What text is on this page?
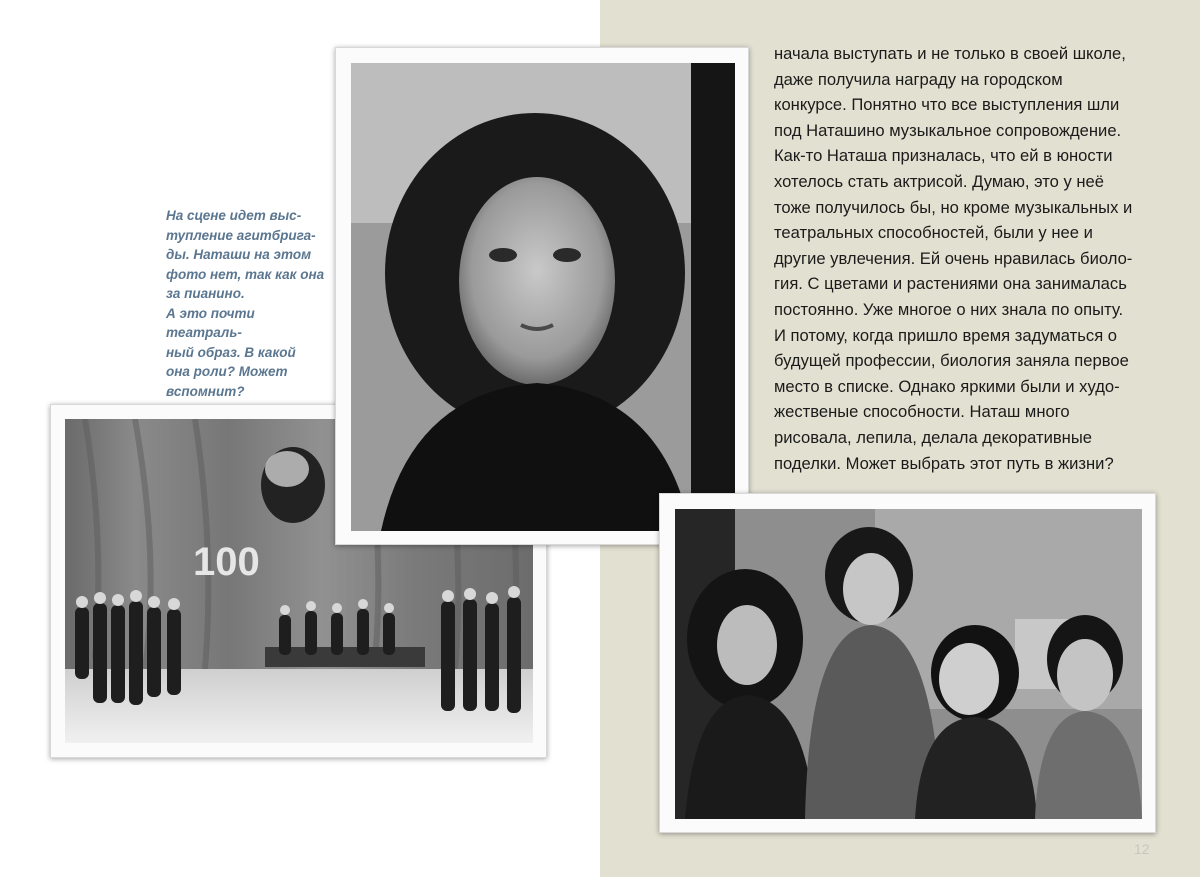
На сцене идет выс-
тупление агитбрига-
ды. Наташи на этом
фото нет, так как она
за пианино.
А это почти театраль-
ный образ. В какой
она роли? Может
вспомнит?

100

начала выступать и не только в своей школе,
даже получила награду на городском
конкурсе. Понятно что все выступления шли
под Наташино музыкальное сопровождение.
Как-то Наташа призналась, что ей в юности
хотелось стать актрисой. Думаю, это у неё
тоже получилось бы, но кроме музыкальных и
театральных способностей, были у нее и
другие увлечения. Ей очень нравилась биоло-
гия. С цветами и растениями она занималась
постоянно. Уже многое о них знала по опыту.
И потому, когда пришло время задуматься о
будущей профессии, биология заняла первое
место в списке. Однако яркими были и худо-
жественые способности. Наташ много
рисовала, лепила, делала декоративные
поделки. Может выбрать этот путь в жизни?

12
